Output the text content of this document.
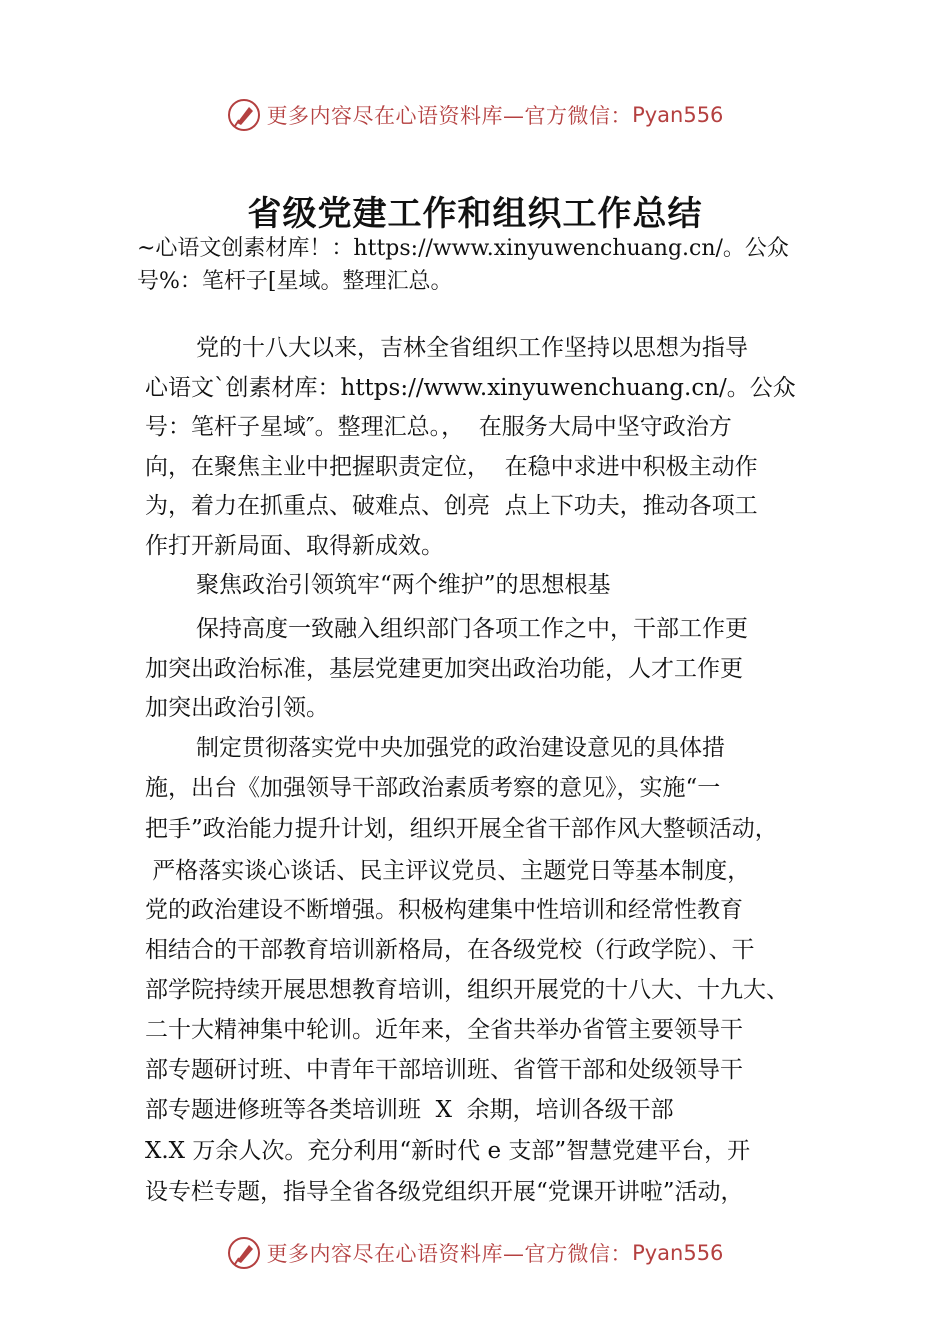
更多内容尽在心语资料库—官方微信： Pyan556
省级党建工作和组织工作总结
~心语文创素材库！：https://www.xinyuwenchuang.cn/。公众
号%：笔杆子[星域。整理汇总。
党的十八大以来，吉林全省组织工作坚持以思想为指导
心语文`创素材库：https://www.xinyuwenchuang.cn/。公众
号：笔杆子星域″。整理汇总。，  在服务大局中坚守政治方
向，在聚焦主业中把握职责定位，  在稳中求进中积极主动作
为，着力在抓重点、破难点、创亮  点上下功夫，推动各项工
作打开新局面、取得新成效。
聚焦政治引领筑牢“两个维护”的思想根基
保持高度一致融入组织部门各项工作之中，干部工作更
加突出政治标准，基层党建更加突出政治功能，人才工作更
加突出政治引领。
制定贯彻落实党中央加强党的政治建设意见的具体措
施，出台《加强领导干部政治素质考察的意见》，实施“一
把手”政治能力提升计划，组织开展全省干部作风大整顿活动，
严格落实谈心谈话、民主评议党员、主题党日等基本制度，
党的政治建设不断增强。积极构建集中性培训和经常性教育
相结合的干部教育培训新格局，在各级党校（行政学院）、干
部学院持续开展思想教育培训，组织开展党的十八大、十九大、
二十大精神集中轮训。近年来，全省共举办省管主要领导干
部专题研讨班、中青年干部培训班、省管干部和处级领导干
部专题进修班等各类培训班  X  余期，培训各级干部
X.X 万余人次。充分利用“新时代 e 支部”智慧党建平台，开
设专栏专题，指导全省各级党组织开展“党课开讲啦”活动，
更多内容尽在心语资料库—官方微信： Pyan556
